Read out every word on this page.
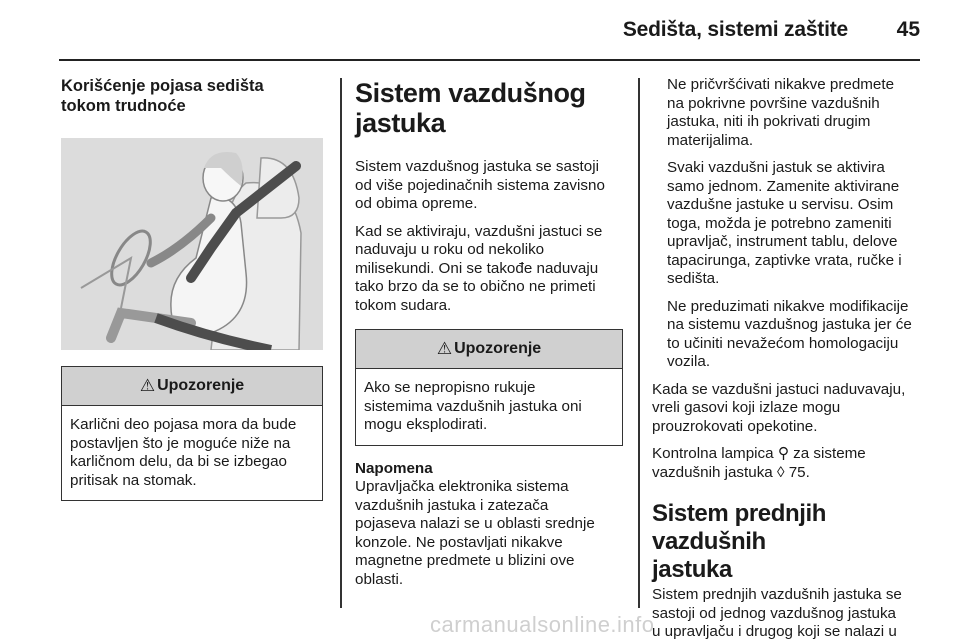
Sedišta, sistemi zaštite 45
Korišćenje pojasa sedišta
tokom trudnoće
⚠ Upozorenje

Karlični deo pojasa mora da bude

postavljen što je moguće niže na

karličnom delu, da bi se izbegao

pritisak na stomak.

Sistem vazdušnog
jastuka

Sistem vazdušnog jastuka se sastoji

od više pojedinačnih sistema zavisno

od obima opreme.

Kad se aktiviraju, vazdušni jastuci se

naduvaju u roku od nekoliko

milisekundi. Oni se takođe naduvaju

tako brzo da se to obično ne primeti

tokom sudara.

⚠ Upozorenje

Ako se nepropisno rukuje

sistemima vazdušnih jastuka oni

mogu eksplodirati.

Napomena

Upravljačka elektronika sistema

vazdušnih jastuka i zatezača

pojaseva nalazi se u oblasti srednje

konzole. Ne postavljati nikakve

magnetne predmete u blizini ove

oblasti.

Ne pričvršćivati nikakve predmete

na pokrivne površine vazdušnih

jastuka, niti ih pokrivati drugim

materijalima.

Svaki vazdušni jastuk se aktivira

samo jednom. Zamenite aktivirane

vazdušne jastuke u servisu. Osim

toga, možda je potrebno zameniti

upravljač, instrument tablu, delove

tapacirunga, zaptivke vrata, ručke i

sedišta.

Ne preduzimati nikakve modifikacije

na sistemu vazdušnog jastuka jer će

to učiniti nevažećom homologaciju

vozila.

Kada se vazdušni jastuci naduvavaju,

vreli gasovi koji izlaze mogu

prouzrokovati opekotine.

Kontrolna lampica ⚲ za sisteme

vazdušnih jastuka ◊ 75.

Sistem prednjih vazdušnih
jastuka

Sistem prednjih vazdušnih jastuka se

sastoji od jednog vazdušnog jastuka

u upravljaču i drugog koji se nalazi u

carmanualsonline.info
